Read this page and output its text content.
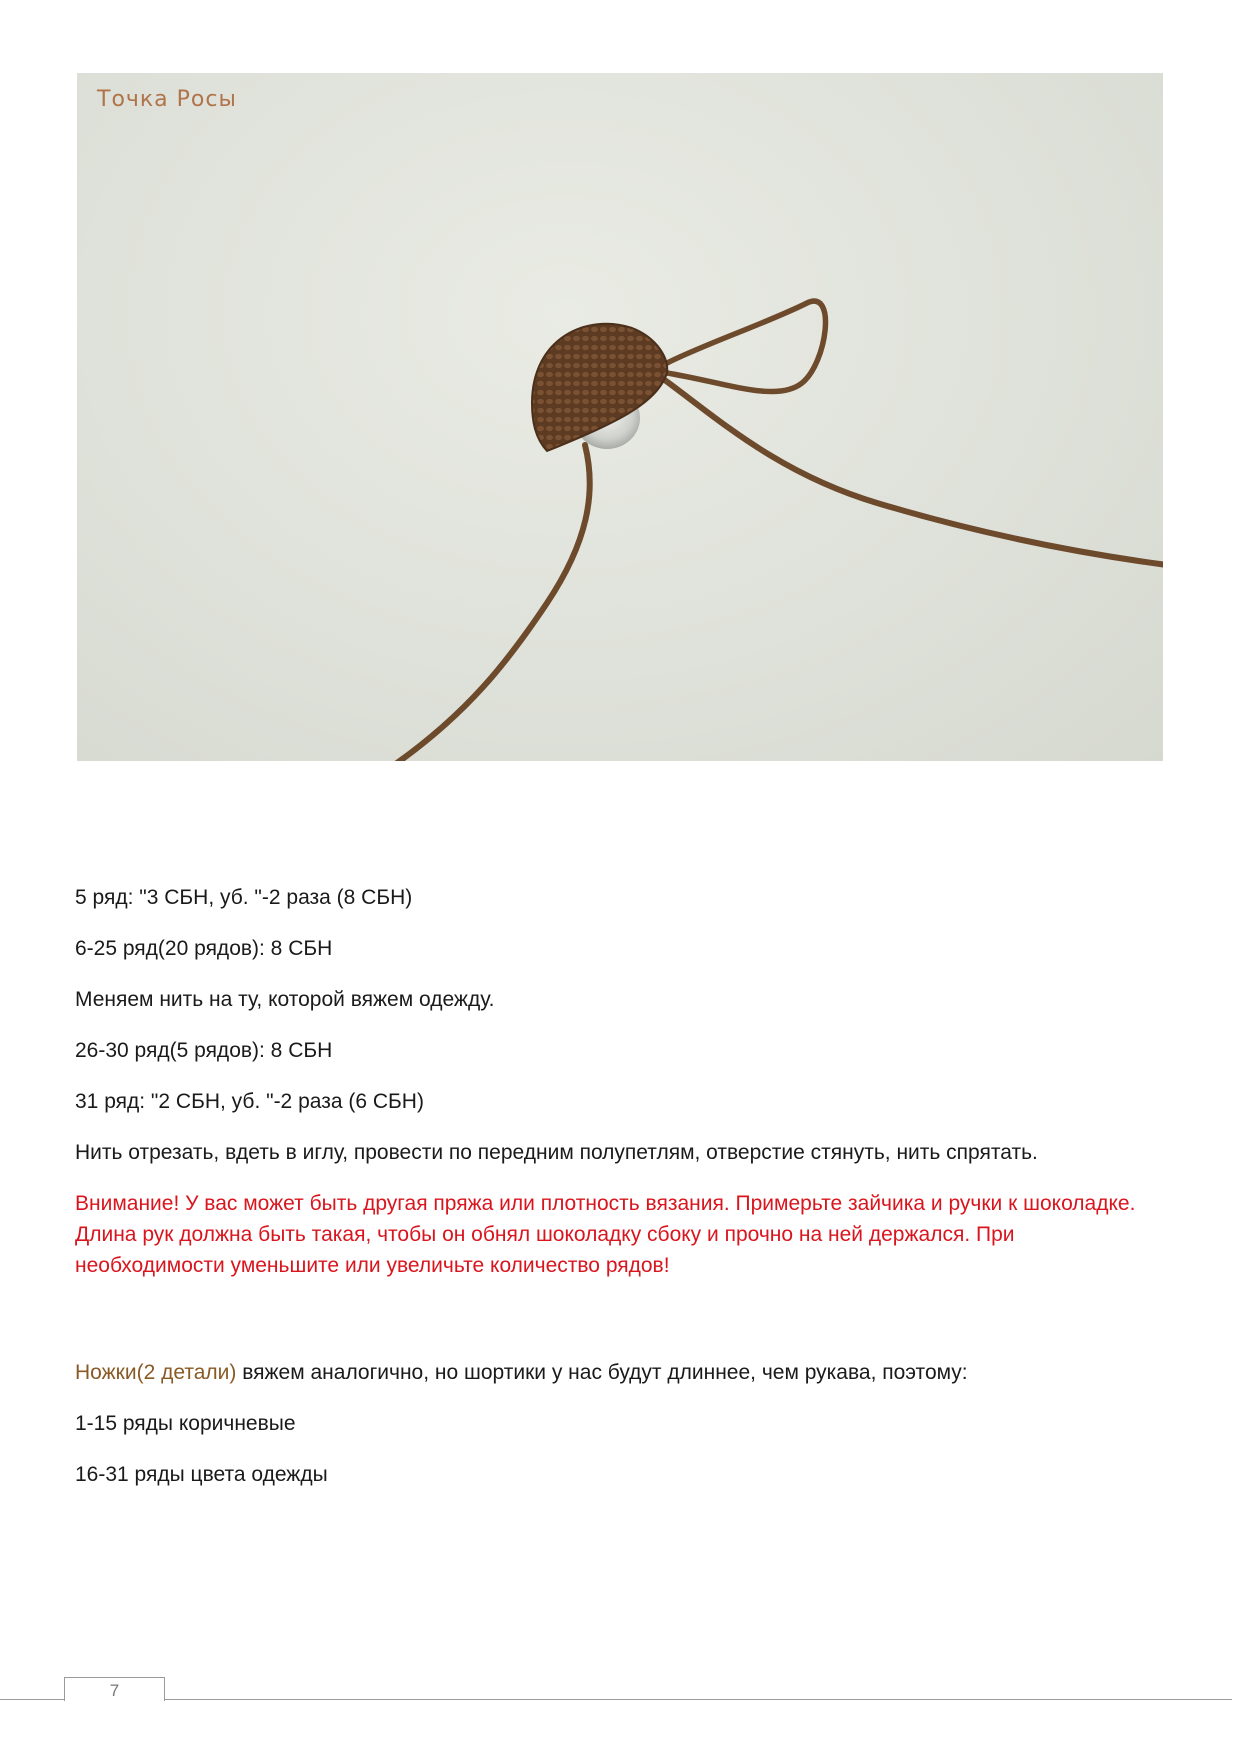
Точка Росы

5 ряд: "3 СБН, уб. "-2 раза (8 СБН)

6-25 ряд(20 рядов): 8 СБН

Меняем нить на ту, которой вяжем одежду.

26-30 ряд(5 рядов): 8 СБН

31 ряд: "2 СБН, уб. "-2 раза (6 СБН)

Нить отрезать, вдеть в иглу, провести по передним полупетлям, отверстие стянуть, нить спрятать.

Внимание! У вас может быть другая пряжа или плотность вязания. Примерьте зайчика и ручки к шоколадке. Длина рук должна быть такая, чтобы он обнял шоколадку сбоку и прочно на ней держался. При необходимости уменьшите или увеличьте количество рядов!

Ножки(2 детали) вяжем аналогично, но шортики у нас будут длиннее, чем рукава, поэтому:

1-15 ряды коричневые

16-31 ряды цвета одежды

7
